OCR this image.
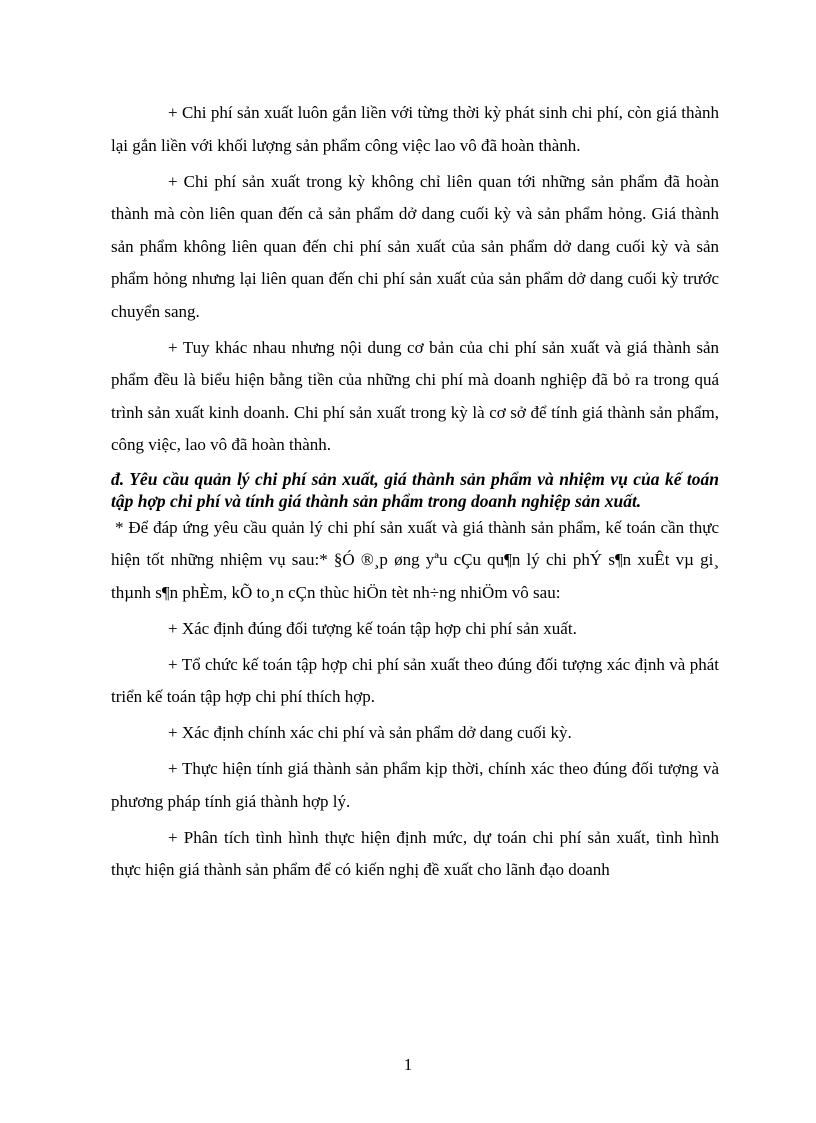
+ Chi phí sản xuất luôn gắn liền với từng thời kỳ phát sinh chi phí, còn giá thành lại gắn liền với khối lượng sản phẩm công việc lao vô đã hoàn thành.

+ Chi phí sản xuất trong kỳ không chỉ liên quan tới những sản phẩm đã hoàn thành mà còn liên quan đến cả sản phẩm dở dang cuối kỳ và sản phẩm hỏng. Giá thành sản phẩm không liên quan đến chi phí sản xuất của sản phẩm dở dang cuối kỳ và sản phẩm hỏng nhưng lại liên quan đến chi phí sản xuất của sản phẩm dở dang cuối kỳ trước chuyển sang.

+ Tuy khác nhau nhưng nội dung cơ bản của chi phí sản xuất và giá thành sản phẩm đều là biểu hiện bằng tiền của những chi phí mà doanh nghiệp đã bỏ ra trong quá trình sản xuất kinh doanh. Chi phí sản xuất trong kỳ là cơ sở để tính giá thành sản phẩm, công việc, lao vô đã hoàn thành.

đ. Yêu cầu quản lý chi phí sản xuất, giá thành sản phẩm và nhiệm vụ của kế toán tập hợp chi phí và tính giá thành sản phẩm trong doanh nghiệp sản xuất.

* Để đáp ứng yêu cầu quản lý chi phí sản xuất và giá thành sản phẩm, kế toán cần thực hiện tốt những nhiệm vụ sau:* §Ó ®¸p øng yªu cÇu qu¶n lý chi phÝ s¶n xuÊt vµ gi¸ thµnh s¶n phÈm, kÕ to¸n cÇn thùc hiÖn tèt nh÷ng nhiÖm vô sau:

+ Xác định đúng đối tượng kế toán tập hợp chi phí sản xuất.

+ Tổ chức kế toán tập hợp chi phí sản xuất theo đúng đối tượng xác định và phát triển kế toán tập hợp chi phí thích hợp.

+ Xác định chính xác chi phí và sản phẩm dở dang cuối kỳ.

+ Thực hiện tính giá thành sản phẩm kịp thời, chính xác theo đúng đối tượng và phương pháp tính giá thành hợp lý.

+ Phân tích tình hình thực hiện định mức, dự toán chi phí sản xuất, tình hình thực hiện giá thành sản phẩm để có kiến nghị đề xuất cho lãnh đạo doanh

1
